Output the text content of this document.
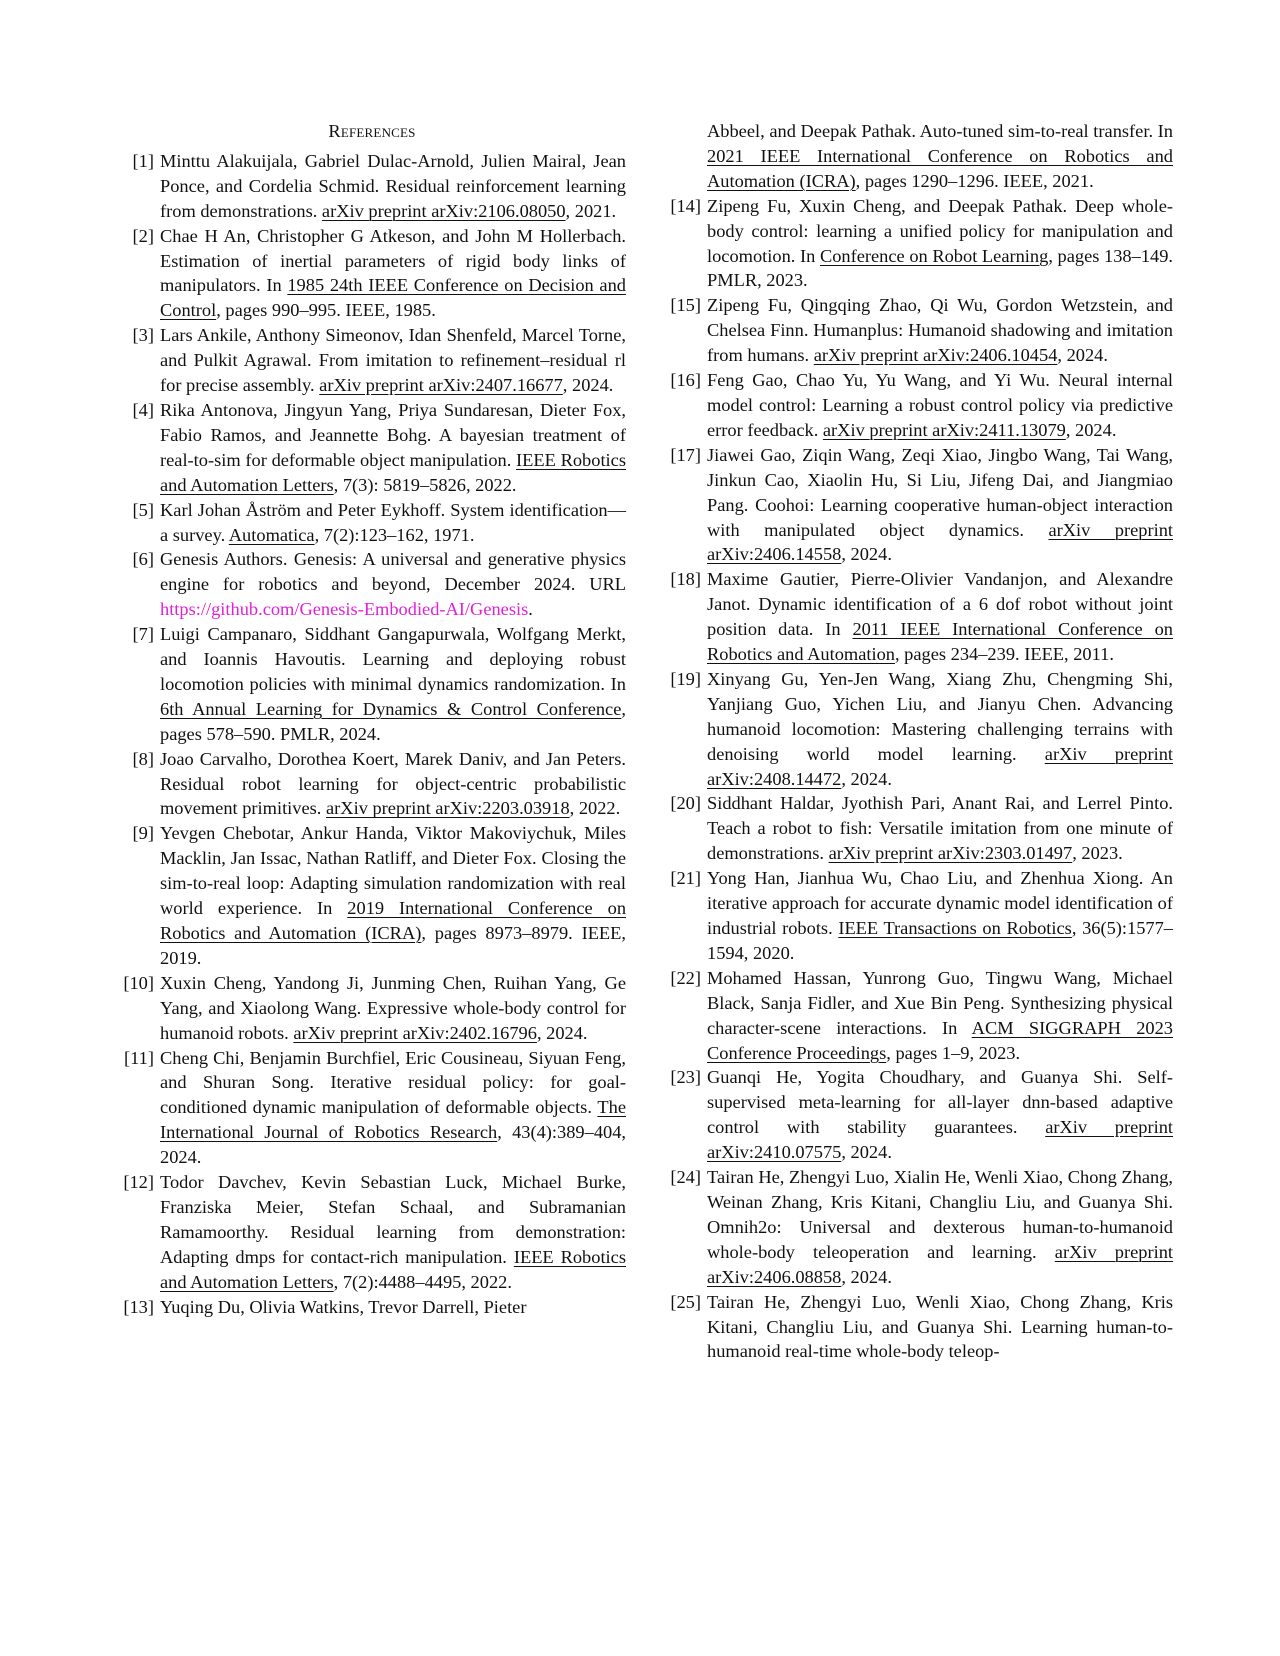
References

[1] Minttu Alakuijala, Gabriel Dulac-Arnold, Julien Mairal, Jean Ponce, and Cordelia Schmid. Residual reinforcement learning from demonstrations. arXiv preprint arXiv:2106.08050, 2021.

[2] Chae H An, Christopher G Atkeson, and John M Hollerbach. Estimation of inertial parameters of rigid body links of manipulators. In 1985 24th IEEE Conference on Decision and Control, pages 990–995. IEEE, 1985.

[3] Lars Ankile, Anthony Simeonov, Idan Shenfeld, Marcel Torne, and Pulkit Agrawal. From imitation to refinement–residual rl for precise assembly. arXiv preprint arXiv:2407.16677, 2024.

[4] Rika Antonova, Jingyun Yang, Priya Sundaresan, Dieter Fox, Fabio Ramos, and Jeannette Bohg. A bayesian treatment of real-to-sim for deformable object manipulation. IEEE Robotics and Automation Letters, 7(3): 5819–5826, 2022.

[5] Karl Johan Åström and Peter Eykhoff. System identification—a survey. Automatica, 7(2):123–162, 1971.

[6] Genesis Authors. Genesis: A universal and generative physics engine for robotics and beyond, December 2024. URL https://github.com/Genesis-Embodied-AI/Genesis.

[7] Luigi Campanaro, Siddhant Gangapurwala, Wolfgang Merkt, and Ioannis Havoutis. Learning and deploying robust locomotion policies with minimal dynamics randomization. In 6th Annual Learning for Dynamics & Control Conference, pages 578–590. PMLR, 2024.

[8] Joao Carvalho, Dorothea Koert, Marek Daniv, and Jan Peters. Residual robot learning for object-centric probabilistic movement primitives. arXiv preprint arXiv:2203.03918, 2022.

[9] Yevgen Chebotar, Ankur Handa, Viktor Makoviychuk, Miles Macklin, Jan Issac, Nathan Ratliff, and Dieter Fox. Closing the sim-to-real loop: Adapting simulation randomization with real world experience. In 2019 International Conference on Robotics and Automation (ICRA), pages 8973–8979. IEEE, 2019.

[10] Xuxin Cheng, Yandong Ji, Junming Chen, Ruihan Yang, Ge Yang, and Xiaolong Wang. Expressive whole-body control for humanoid robots. arXiv preprint arXiv:2402.16796, 2024.

[11] Cheng Chi, Benjamin Burchfiel, Eric Cousineau, Siyuan Feng, and Shuran Song. Iterative residual policy: for goal-conditioned dynamic manipulation of deformable objects. The International Journal of Robotics Research, 43(4):389–404, 2024.

[12] Todor Davchev, Kevin Sebastian Luck, Michael Burke, Franziska Meier, Stefan Schaal, and Subramanian Ramamoorthy. Residual learning from demonstration: Adapting dmps for contact-rich manipulation. IEEE Robotics and Automation Letters, 7(2):4488–4495, 2022.

[13] Yuqing Du, Olivia Watkins, Trevor Darrell, Pieter

Abbeel, and Deepak Pathak. Auto-tuned sim-to-real transfer. In 2021 IEEE International Conference on Robotics and Automation (ICRA), pages 1290–1296. IEEE, 2021.

[14] Zipeng Fu, Xuxin Cheng, and Deepak Pathak. Deep whole-body control: learning a unified policy for manipulation and locomotion. In Conference on Robot Learning, pages 138–149. PMLR, 2023.

[15] Zipeng Fu, Qingqing Zhao, Qi Wu, Gordon Wetzstein, and Chelsea Finn. Humanplus: Humanoid shadowing and imitation from humans. arXiv preprint arXiv:2406.10454, 2024.

[16] Feng Gao, Chao Yu, Yu Wang, and Yi Wu. Neural internal model control: Learning a robust control policy via predictive error feedback. arXiv preprint arXiv:2411.13079, 2024.

[17] Jiawei Gao, Ziqin Wang, Zeqi Xiao, Jingbo Wang, Tai Wang, Jinkun Cao, Xiaolin Hu, Si Liu, Jifeng Dai, and Jiangmiao Pang. Coohoi: Learning cooperative human-object interaction with manipulated object dynamics. arXiv preprint arXiv:2406.14558, 2024.

[18] Maxime Gautier, Pierre-Olivier Vandanjon, and Alexandre Janot. Dynamic identification of a 6 dof robot without joint position data. In 2011 IEEE International Conference on Robotics and Automation, pages 234–239. IEEE, 2011.

[19] Xinyang Gu, Yen-Jen Wang, Xiang Zhu, Chengming Shi, Yanjiang Guo, Yichen Liu, and Jianyu Chen. Advancing humanoid locomotion: Mastering challenging terrains with denoising world model learning. arXiv preprint arXiv:2408.14472, 2024.

[20] Siddhant Haldar, Jyothish Pari, Anant Rai, and Lerrel Pinto. Teach a robot to fish: Versatile imitation from one minute of demonstrations. arXiv preprint arXiv:2303.01497, 2023.

[21] Yong Han, Jianhua Wu, Chao Liu, and Zhenhua Xiong. An iterative approach for accurate dynamic model identification of industrial robots. IEEE Transactions on Robotics, 36(5):1577–1594, 2020.

[22] Mohamed Hassan, Yunrong Guo, Tingwu Wang, Michael Black, Sanja Fidler, and Xue Bin Peng. Synthesizing physical character-scene interactions. In ACM SIGGRAPH 2023 Conference Proceedings, pages 1–9, 2023.

[23] Guanqi He, Yogita Choudhary, and Guanya Shi. Self-supervised meta-learning for all-layer dnn-based adaptive control with stability guarantees. arXiv preprint arXiv:2410.07575, 2024.

[24] Tairan He, Zhengyi Luo, Xialin He, Wenli Xiao, Chong Zhang, Weinan Zhang, Kris Kitani, Changliu Liu, and Guanya Shi. Omnih2o: Universal and dexterous human-to-humanoid whole-body teleoperation and learning. arXiv preprint arXiv:2406.08858, 2024.

[25] Tairan He, Zhengyi Luo, Wenli Xiao, Chong Zhang, Kris Kitani, Changliu Liu, and Guanya Shi. Learning human-to-humanoid real-time whole-body teleop-
